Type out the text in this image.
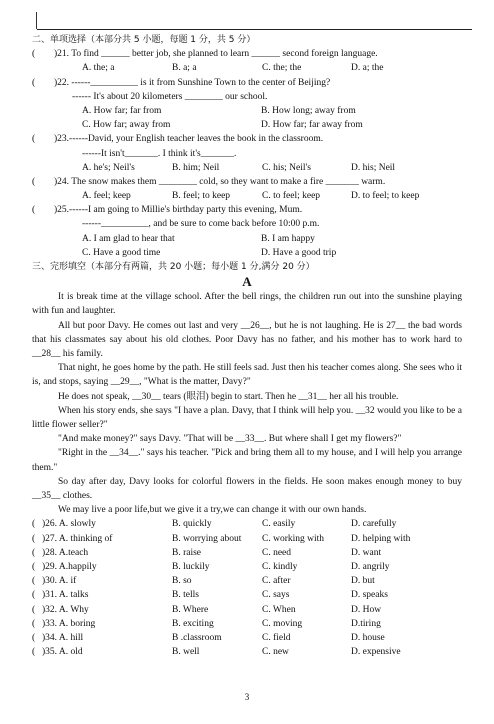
二、单项选择（本部分共 5 小题，每题 1 分，共 5 分）
( )21. To find ______ better job, she planned to learn ______ second foreign language.
A. the; a	B. a; a	C. the; the	D. a; the
( )22. ------__________ is it from Sunshine Town to the center of Beijing?
------ It's about 20 kilometers ________ our school.
A. How far; far from	B. How long; away from
C. How far; away from	D. How far; far away from
( )23.------David, your English teacher leaves the book in the classroom.
------It isn't_______. I think it's_______.
A. he's; Neil's	B. him; Neil	C. his; Neil's	D. his; Neil
( )24. The snow makes them ________ cold, so they want to make a fire _______ warm.
A. feel; keep	B. feel; to keep	C. to feel; keep	D. to feel; to keep
( )25.------I am going to Millie's birthday party this evening, Mum.
------__________, and be sure to come back before 10:00 p.m.
A. I am glad to hear that	B. I am happy
C. Have a good time	D. Have a good trip
三、完形填空（本部分有两篇，共 20 小题；每小题 1 分,满分 20 分）
A
It is break time at the village school. After the bell rings, the children run out into the sunshine playing with fun and laughter.
All but poor Davy. He comes out last and very __26__, but he is not laughing. He is 27__ the bad words that his classmates say about his old clothes. Poor Davy has no father, and his mother has to work hard to __28__ his family.
That night, he goes home by the path. He still feels sad. Just then his teacher comes along. She sees who it is, and stops, saying __29__, "What is the matter, Davy?"
He does not speak, __30__ tears (眼泪) begin to start. Then he __31__ her all his trouble.
When his story ends, she says "I have a plan. Davy, that I think will help you. __32 would you like to be a little flower seller?"
"And make money?" says Davy. "That will be __33__. But where shall I get my flowers?"
"Right in the __34__." says his teacher. "Pick and bring them all to my house, and I will help you arrange them."
So day after day, Davy looks for colorful flowers in the fields. He soon makes enough money to buy __35__ clothes.
We may live a poor life,but we give it a try,we can change it with our own hands.
( )26. A. slowly	B. quickly	C. easily	D. carefully
( )27. A. thinking of	B. worrying about C. working with	D. helping with
( )28. A.teach	B. raise	C. need	D. want
( )29. A.happily	B. luckily	C. kindly	D. angrily
( )30. A. if	B. so	C. after	D. but
( )31. A. talks	B. tells	C. says	D. speaks
( )32. A. Why	B. Where	C. When	D. How
( )33. A. boring	B. exciting	C. moving	D.tiring
( )34. A. hill	B .classroom	C. field	D. house
( )35. A. old	B. well	C. new	D. expensive
3
